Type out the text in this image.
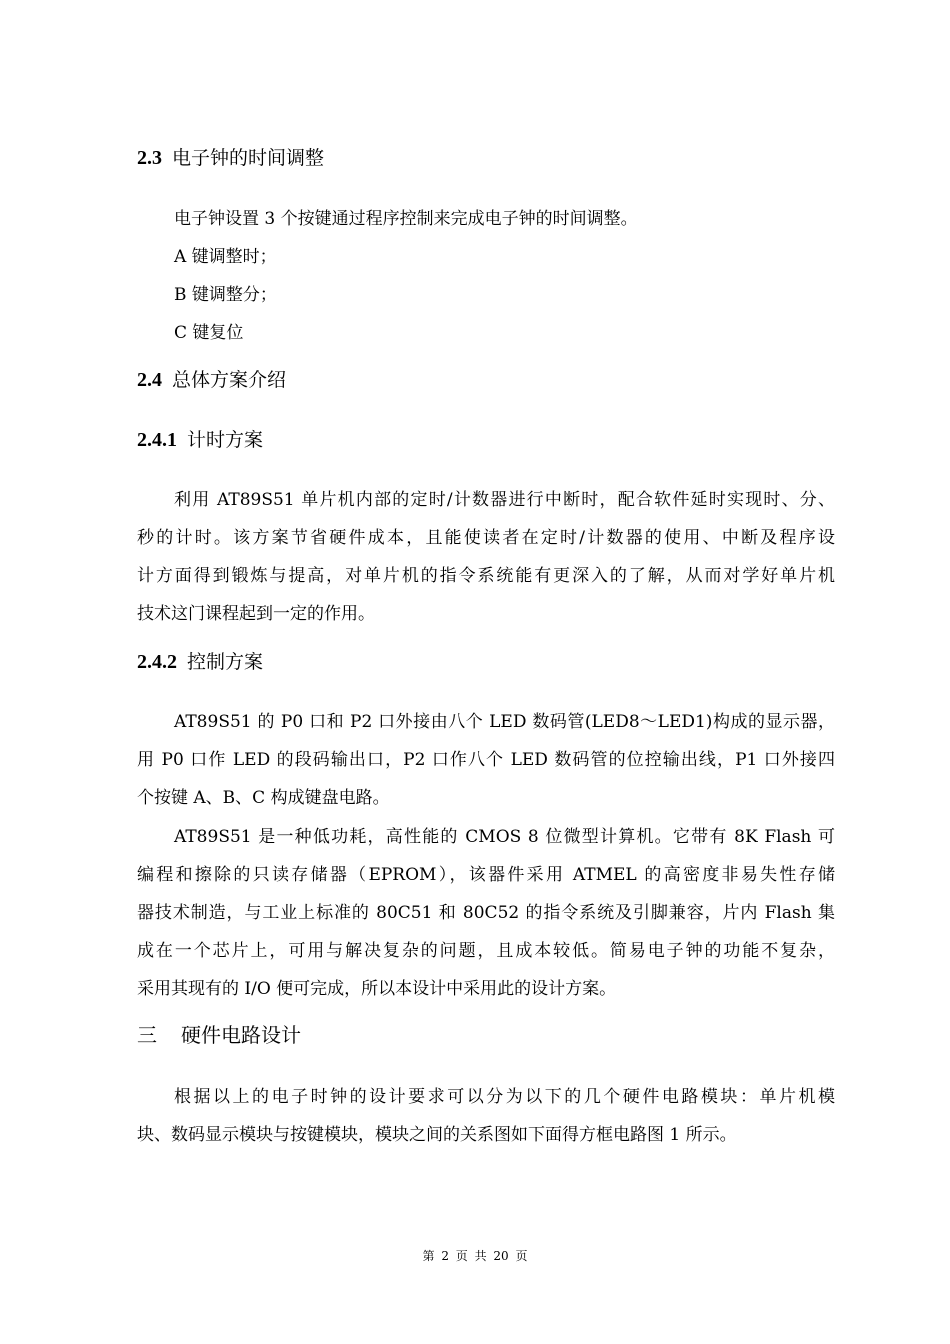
2.3 电子钟的时间调整
电子钟设置 3 个按键通过程序控制来完成电子钟的时间调整。
A 键调整时；
B 键调整分；
C 键复位
2.4 总体方案介绍
2.4.1 计时方案
利用 AT89S51 单片机内部的定时/计数器进行中断时，配合软件延时实现时、分、
秒的计时。该方案节省硬件成本，且能使读者在定时/计数器的使用、中断及程序设
计方面得到锻炼与提高，对单片机的指令系统能有更深入的了解，从而对学好单片机
技术这门课程起到一定的作用。
2.4.2 控制方案
AT89S51 的 P0 口和 P2 口外接由八个 LED 数码管(LED8～LED1)构成的显示器，
用 P0 口作 LED 的段码输出口，P2 口作八个 LED 数码管的位控输出线，P1 口外接四
个按键 A、B、C 构成键盘电路。
AT89S51 是一种低功耗，高性能的 CMOS 8 位微型计算机。它带有 8K Flash 可
编程和擦除的只读存储器（EPROM），该器件采用 ATMEL 的高密度非易失性存储
器技术制造，与工业上标准的 80C51 和 80C52 的指令系统及引脚兼容，片内 Flash 集
成在一个芯片上，可用与解决复杂的问题，且成本较低。简易电子钟的功能不复杂，
采用其现有的 I/O 便可完成，所以本设计中采用此的设计方案。
三 硬件电路设计
根据以上的电子时钟的设计要求可以分为以下的几个硬件电路模块：单片机模
块、数码显示模块与按键模块，模块之间的关系图如下面得方框电路图 1 所示。
第 2 页 共 20 页
